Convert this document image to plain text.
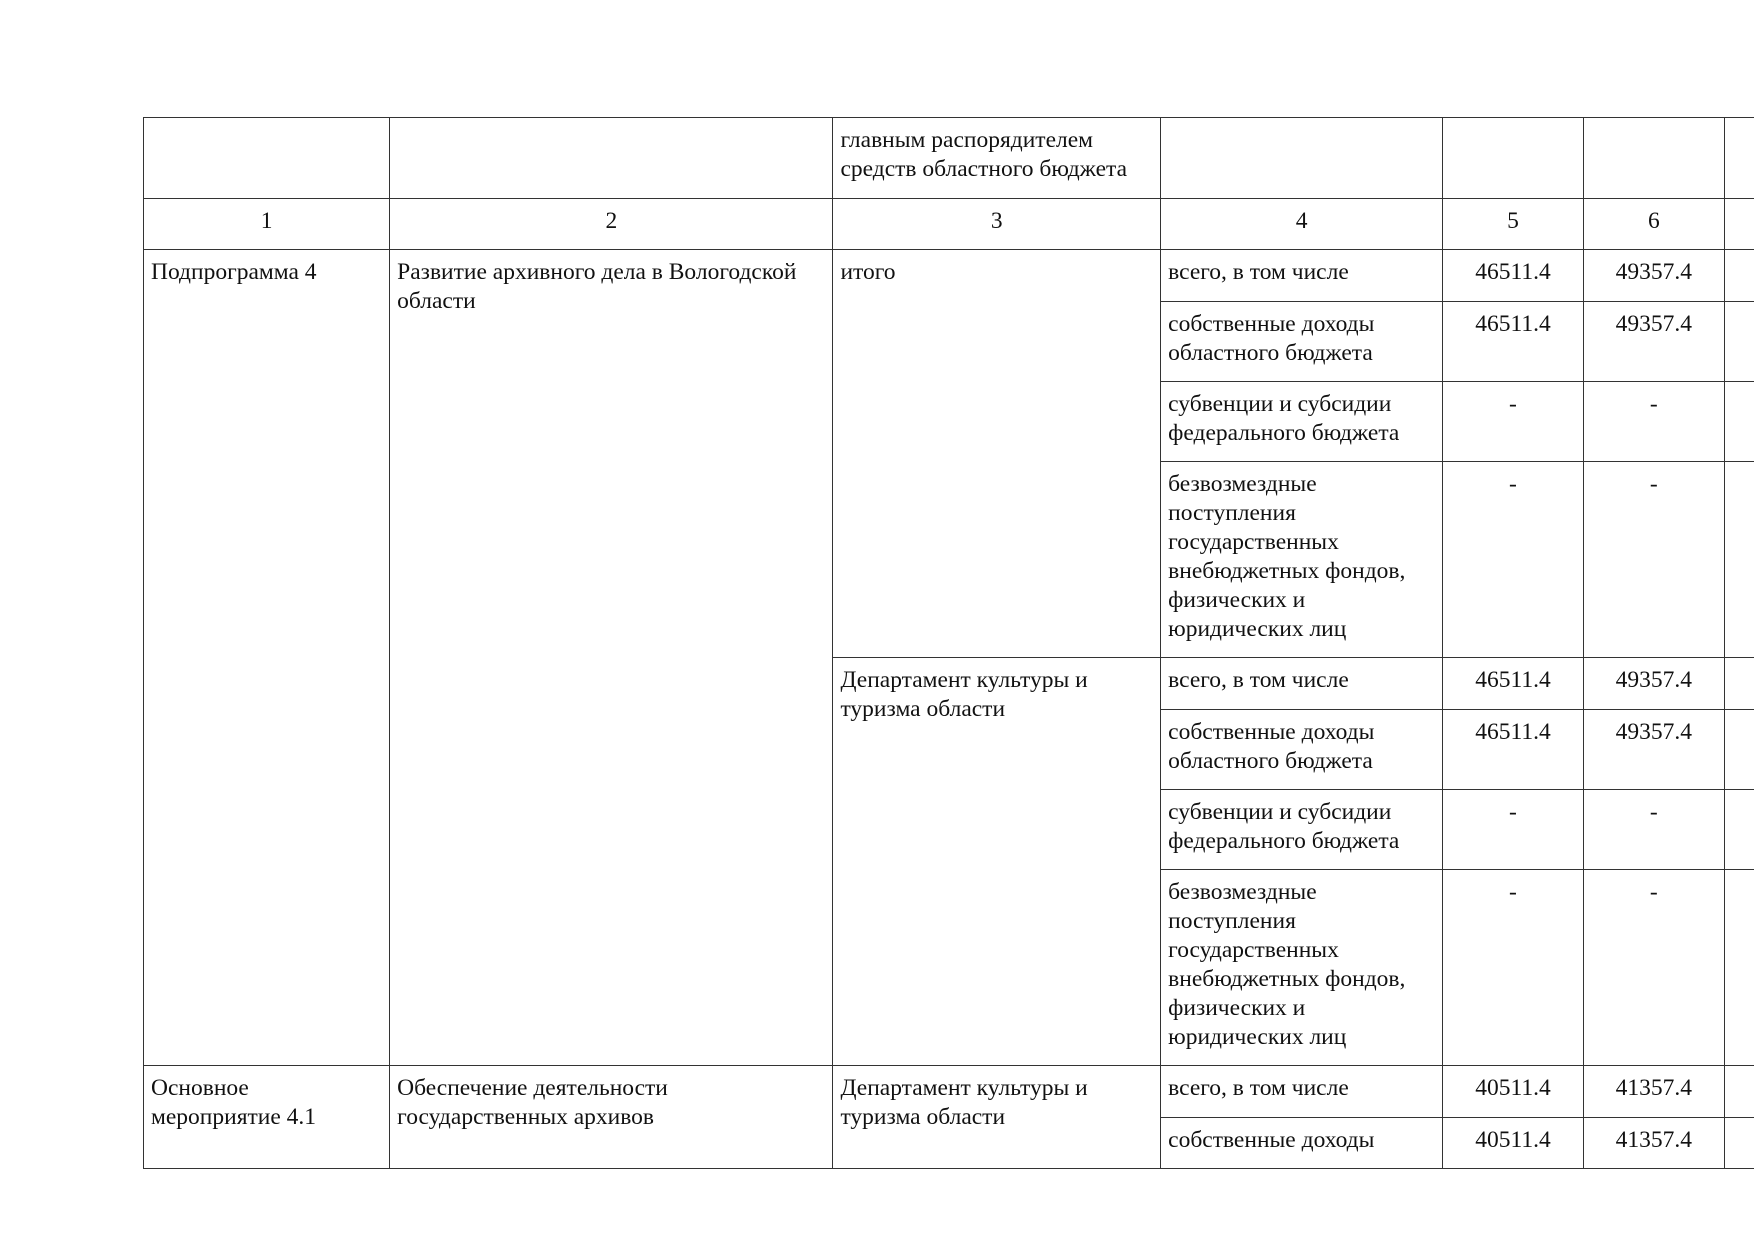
		главным распорядителем средств областного бюджета				
1	2	3	4	5	6	
Подпрограмма 4	Развитие архивного дела в Вологодской области	итого	всего, в том числе	46511.4	49357.4	
			собственные доходы областного бюджета	46511.4	49357.4	
			субвенции и субсидии федерального бюджета	-	-	
			безвозмездные поступления государственных внебюджетных фондов, физических и юридических лиц	-	-	
		Департамент культуры и туризма области	всего, в том числе	46511.4	49357.4	
			собственные доходы областного бюджета	46511.4	49357.4	
			субвенции и субсидии федерального бюджета	-	-	
			безвозмездные поступления государственных внебюджетных фондов, физических и юридических лиц	-	-	
Основное мероприятие 4.1	Обеспечение деятельности государственных архивов	Департамент культуры и туризма области	всего, в том числе	40511.4	41357.4	
			собственные доходы	40511.4	41357.4	
